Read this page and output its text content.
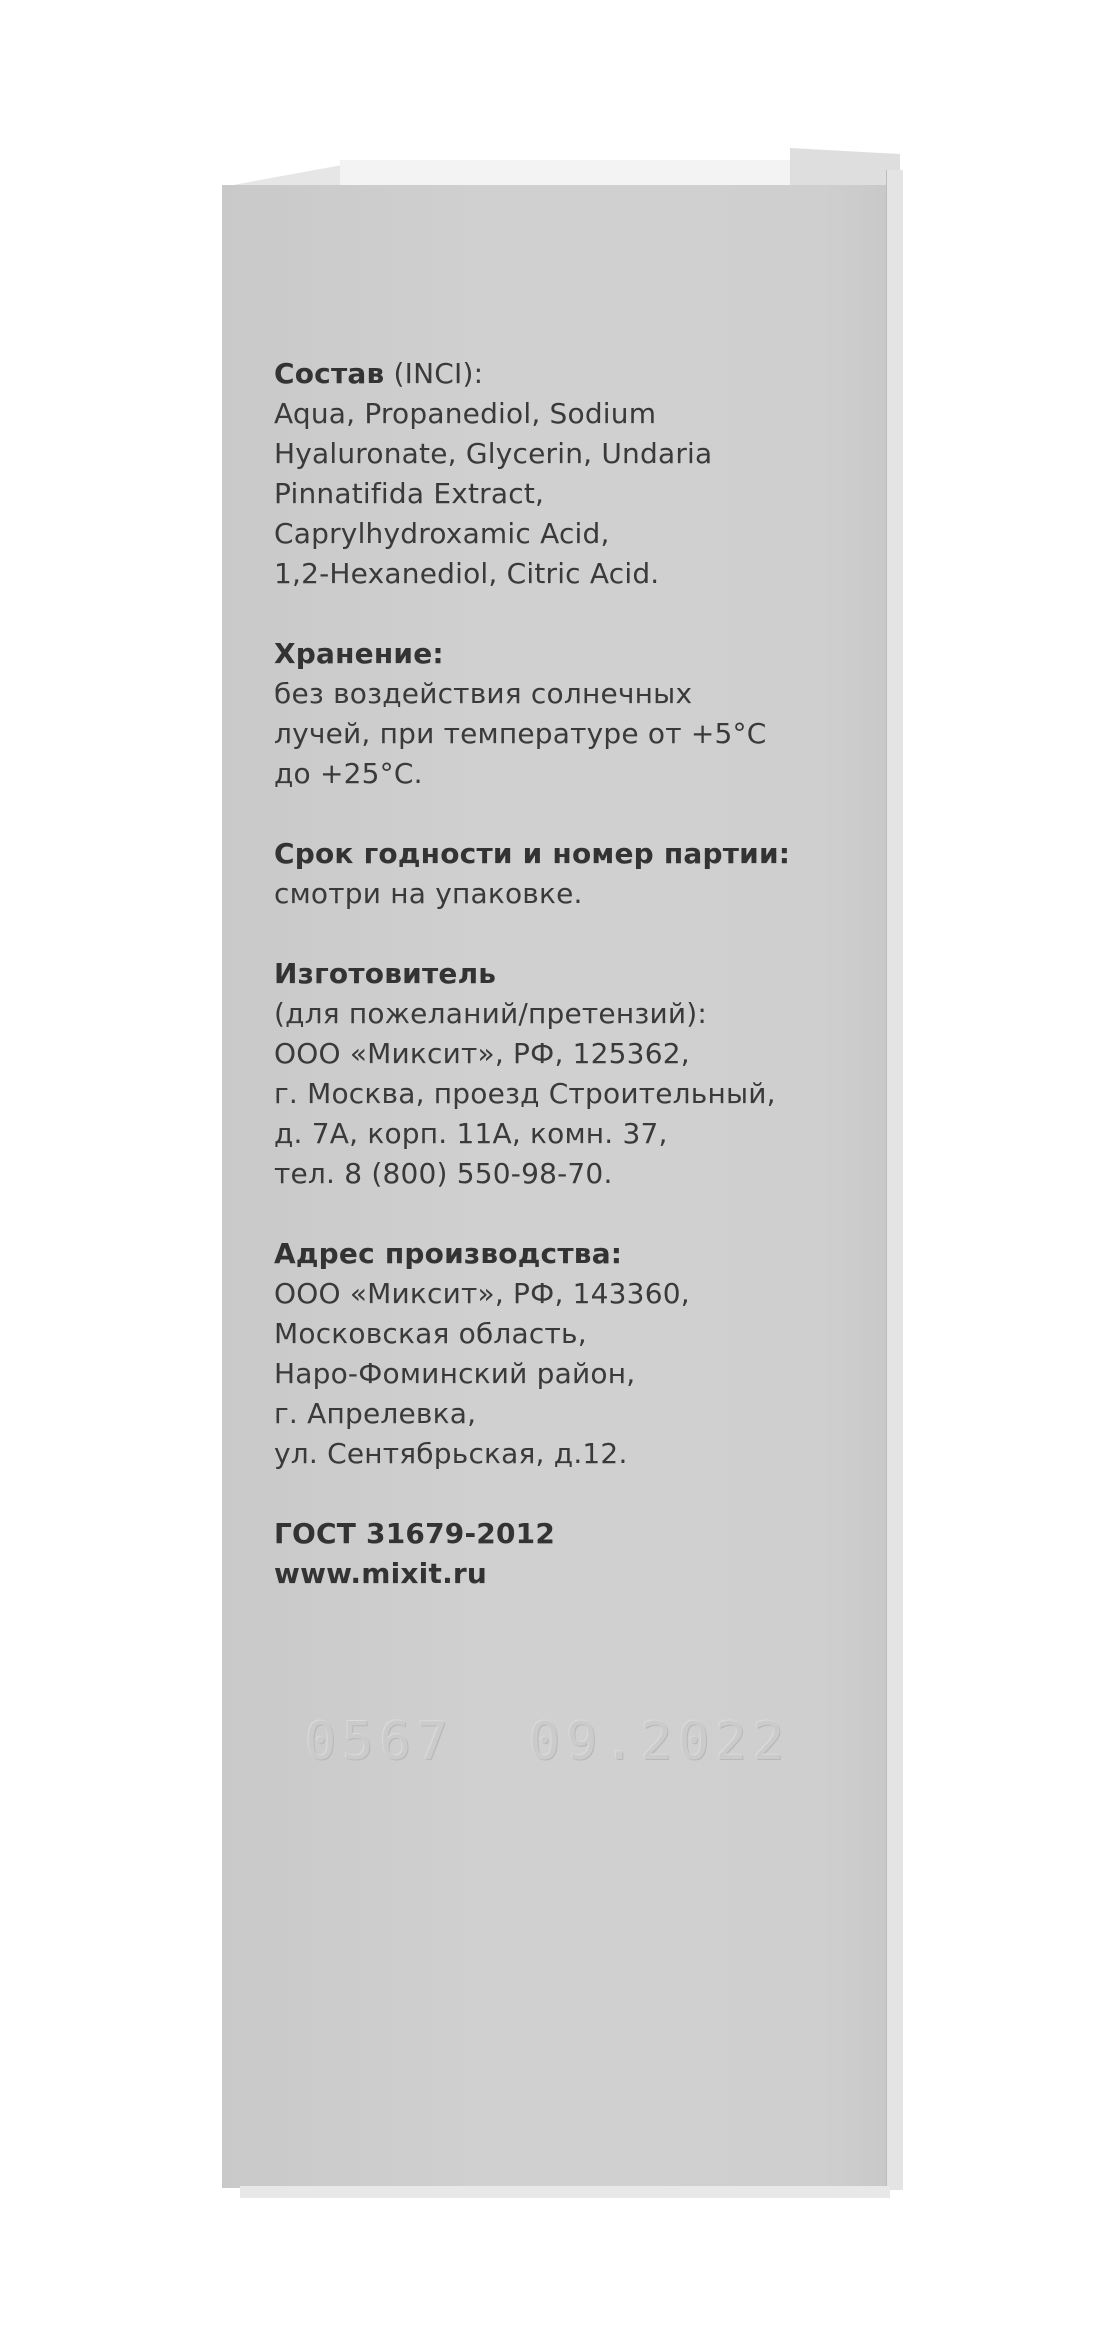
Состав (INCI):
Aqua, Propanediol, Sodium
Hyaluronate, Glycerin, Undaria
Pinnatifida Extract,
Caprylhydroxamic Acid,
1,2-Hexanediol, Citric Acid.
Хранение:
без воздействия солнечных
лучей, при температуре от +5°С
до +25°С.
Срок годности и номер партии:
смотри на упаковке.
Изготовитель
(для пожеланий/претензий):
ООО «Миксит», РФ, 125362,
г. Москва, проезд Строительный,
д. 7А, корп. 11А, комн. 37,
тел. 8 (800) 550-98-70.
Адрес производства:
ООО «Миксит», РФ, 143360,
Московская область,
Наро-Фоминский район,
г. Апрелевка,
ул. Сентябрьская, д.12.
ГОСТ 31679-2012
www.mixit.ru
0567 09.2022
